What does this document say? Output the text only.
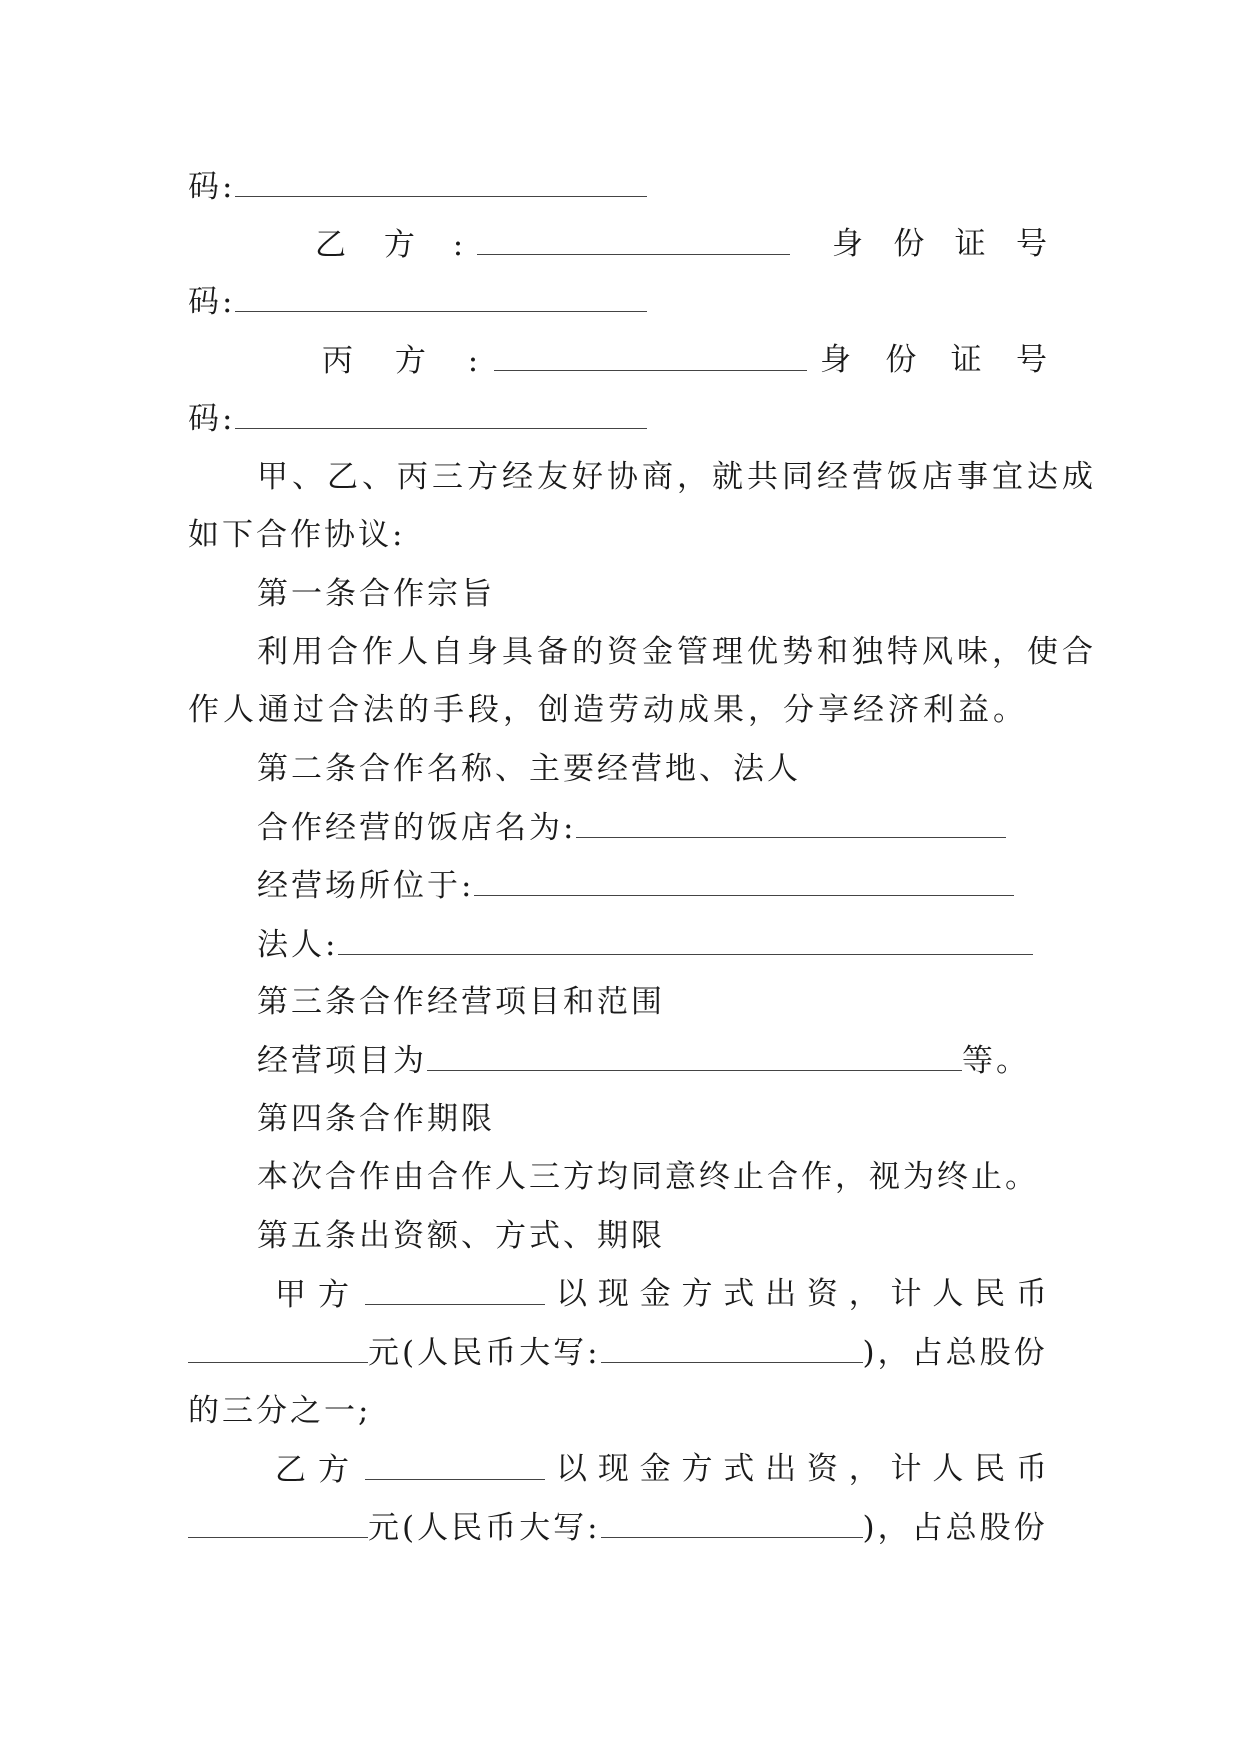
码:
乙 方 :	身 份 证 号
码:
丙 方 :	身 份 证 号
码:
甲、乙、丙三方经友好协商，就共同经营饭店事宜达成
如下合作协议:
第一条合作宗旨
利用合作人自身具备的资金管理优势和独特风味，使合
作人通过合法的手段，创造劳动成果，分享经济利益。
第二条合作名称、主要经营地、法人
合作经营的饭店名为:
经营场所位于:
法人:
第三条合作经营项目和范围
经营项目为	等。
第四条合作期限
本次合作由合作人三方均同意终止合作，视为终止。
第五条出资额、方式、期限
甲方	以 现 金 方 式 出 资 ， 计 人 民 币
元(人民币大写:	)，占总股份
的三分之一;
乙方	以 现 金 方 式 出 资 ， 计 人 民 币
元(人民币大写:	)，占总股份
